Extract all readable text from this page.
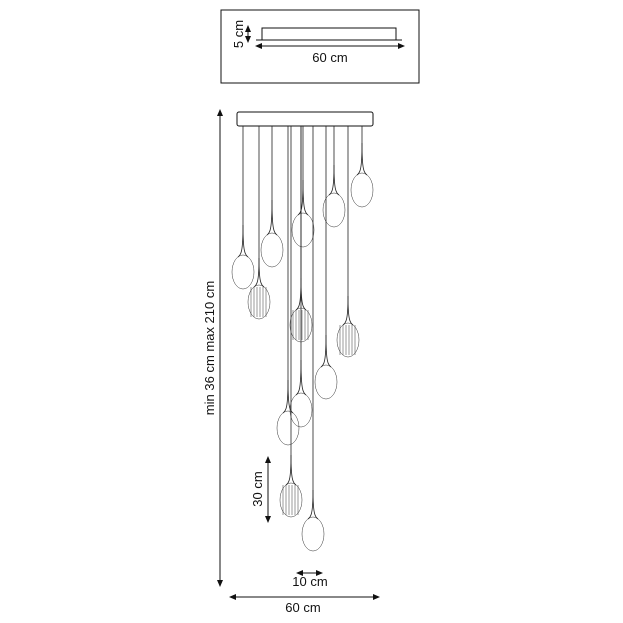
5 cm
60 cm
min 36 cm max 210 cm
30 cm
10 cm
60 cm
